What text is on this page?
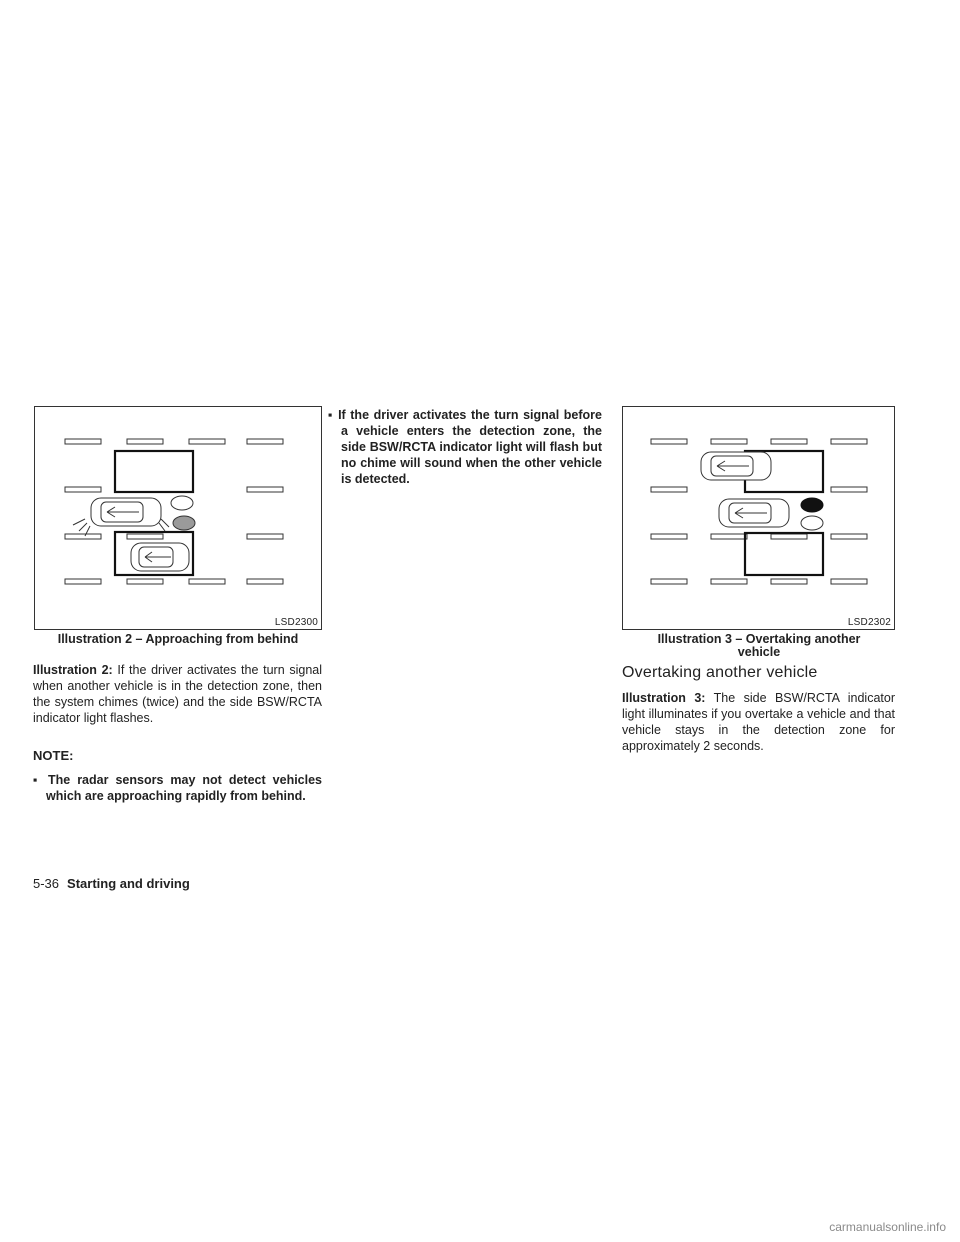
LSD2300
Illustration 2 – Approaching from behind
LSD2302
Illustration 3 – Overtaking another vehicle

Illustration 2: If the driver activates the turn signal when another vehicle is in the detection zone, then the system chimes (twice) and the side BSW/RCTA indicator light flashes.

NOTE:

▪ The radar sensors may not detect vehicles which are approaching rapidly from behind.

▪ If the driver activates the turn signal before a vehicle enters the detection zone, the side BSW/RCTA indicator light will flash but no chime will sound when the other vehicle is detected.

Overtaking another vehicle

Illustration 3: The side BSW/RCTA indicator light illuminates if you overtake a vehicle and that vehicle stays in the detection zone for approximately 2 seconds.

5-36 Starting and driving
carmanualsonline.info
